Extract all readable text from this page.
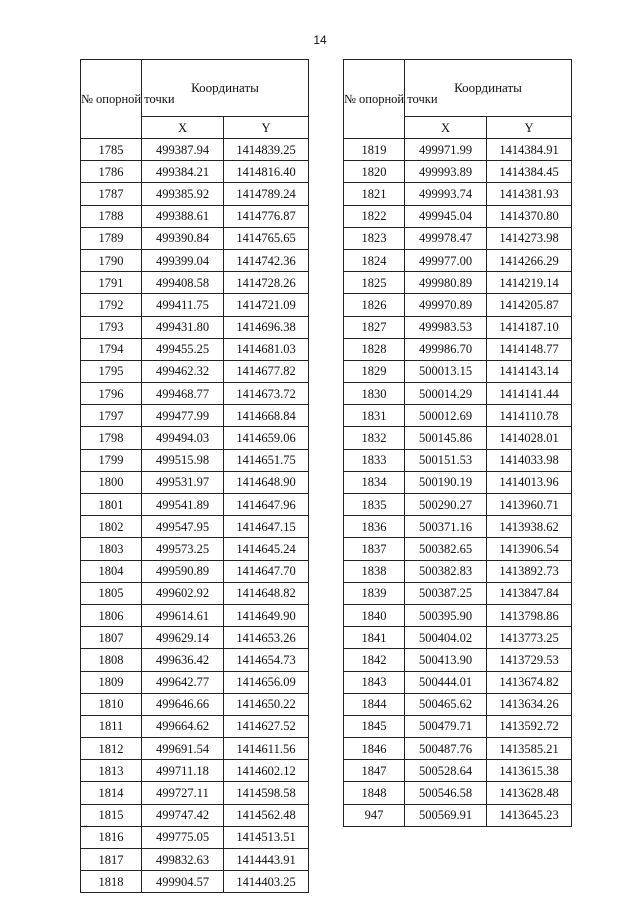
14
№ опорной точки	Координаты	
	X	Y
1785	499387.94	1414839.25
1786	499384.21	1414816.40
1787	499385.92	1414789.24
1788	499388.61	1414776.87
1789	499390.84	1414765.65
1790	499399.04	1414742.36
1791	499408.58	1414728.26
1792	499411.75	1414721.09
1793	499431.80	1414696.38
1794	499455.25	1414681.03
1795	499462.32	1414677.82
1796	499468.77	1414673.72
1797	499477.99	1414668.84
1798	499494.03	1414659.06
1799	499515.98	1414651.75
1800	499531.97	1414648.90
1801	499541.89	1414647.96
1802	499547.95	1414647.15
1803	499573.25	1414645.24
1804	499590.89	1414647.70
1805	499602.92	1414648.82
1806	499614.61	1414649.90
1807	499629.14	1414653.26
1808	499636.42	1414654.73
1809	499642.77	1414656.09
1810	499646.66	1414650.22
1811	499664.62	1414627.52
1812	499691.54	1414611.56
1813	499711.18	1414602.12
1814	499727.11	1414598.58
1815	499747.42	1414562.48
1816	499775.05	1414513.51
1817	499832.63	1414443.91
1818	499904.57	1414403.25
№ опорной точки	Координаты	
	X	Y
1819	499971.99	1414384.91
1820	499993.89	1414384.45
1821	499993.74	1414381.93
1822	499945.04	1414370.80
1823	499978.47	1414273.98
1824	499977.00	1414266.29
1825	499980.89	1414219.14
1826	499970.89	1414205.87
1827	499983.53	1414187.10
1828	499986.70	1414148.77
1829	500013.15	1414143.14
1830	500014.29	1414141.44
1831	500012.69	1414110.78
1832	500145.86	1414028.01
1833	500151.53	1414033.98
1834	500190.19	1414013.96
1835	500290.27	1413960.71
1836	500371.16	1413938.62
1837	500382.65	1413906.54
1838	500382.83	1413892.73
1839	500387.25	1413847.84
1840	500395.90	1413798.86
1841	500404.02	1413773.25
1842	500413.90	1413729.53
1843	500444.01	1413674.82
1844	500465.62	1413634.26
1845	500479.71	1413592.72
1846	500487.76	1413585.21
1847	500528.64	1413615.38
1848	500546.58	1413628.48
947	500569.91	1413645.23
"
